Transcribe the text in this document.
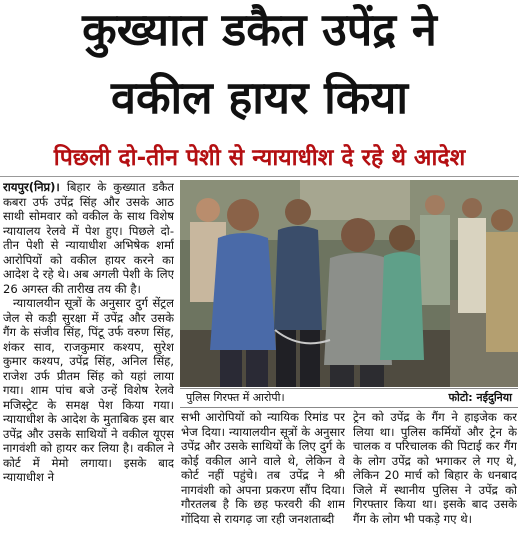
कुख्यात डकैत उपेंद्र ने
वकील हायर किया
पिछली दो-तीन पेशी से न्यायाधीश दे रहे थे आदेश

रायपुर(निप्र)। बिहार के कुख्यात डकैत कबरा उर्फ उपेंद्र सिंह और उसके आठ साथी सोमवार को वकील के साथ विशेष न्यायालय रेलवे में पेश हुए। पिछले दो-तीन पेशी से न्यायाधीश अभिषेक शर्मा आरोपियों को वकील हायर करने का आदेश दे रहे थे। अब अगली पेशी के लिए 26 अगस्त की तारीख तय की है।

न्यायालयीन सूत्रों के अनुसार दुर्ग सेंट्रल जेल से कड़ी सुरक्षा में उपेंद्र और उसके गैंग के संजीव सिंह, पिंटू उर्फ वरुण सिंह, शंकर साव, राजकुमार कश्यप, सुरेश कुमार कश्यप, उपेंद्र सिंह, अनिल सिंह, राजेश उर्फ प्रीतम सिंह को यहां लाया गया। शाम पांच बजे उन्हें विशेष रेलवे मजिस्ट्रेट के समक्ष पेश किया गया। न्यायाधीश के आदेश के मुताबिक इस बार उपेंद्र और उसके साथियों ने वकील यूएस नागवंशी को हायर कर लिया है। वकील ने कोर्ट में मेमो लगाया। इसके बाद न्यायाधीश ने

पुलिस गिरफ्त में आरोपी।	फोटो: नईदुनिया

सभी आरोपियों को न्यायिक रिमांड पर भेज दिया। न्यायालयीन सूत्रों के अनुसार उपेंद्र और उसके साथियों के लिए दुर्ग के कोई वकील आने वाले थे, लेकिन वे कोर्ट नहीं पहुंचे। तब उपेंद्र ने श्री नागवंशी को अपना प्रकरण सौंप दिया। गौरतलब है कि छह फरवरी की शाम गोंदिया से रायगढ़ जा रही जनशताब्दी

ट्रेन को उपेंद्र के गैंग ने हाइजेक कर लिया था। पुलिस कर्मियों और ट्रेन के चालक व परिचालक की पिटाई कर गैंग के लोग उपेंद्र को भगाकर ले गए थे, लेकिन 20 मार्च को बिहार के धनबाद जिले में स्थानीय पुलिस ने उपेंद्र को गिरफ्तार किया था। इसके बाद उसके गैंग के लोग भी पकड़े गए थे।
